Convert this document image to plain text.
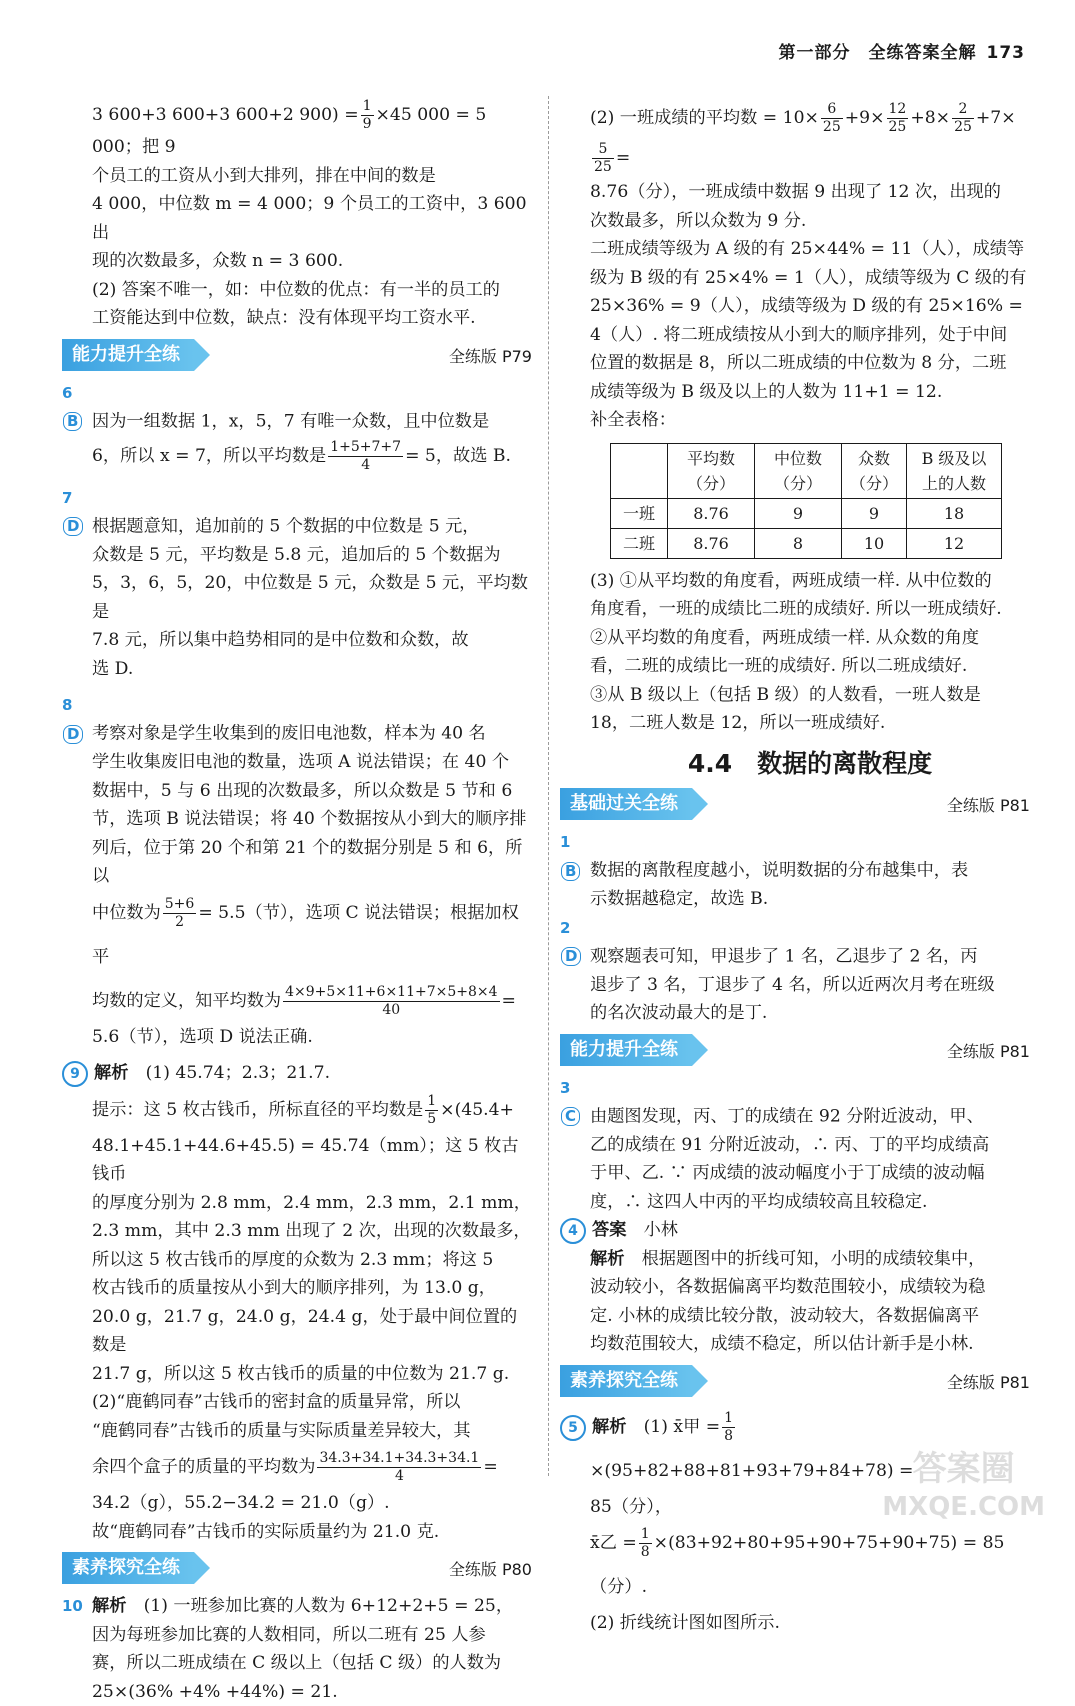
第一部分　全练答案全解 173

3 600+3 600+3 600+2 $900) = \frac{1}{9} \times 45$ 000 = 5 000；把 9

个员工的工资从小到大排列，排在中间的数是

4 000，中位数 m = 4 000；9 个员工的工资中，3 600 出

现的次数最多，众数 n = 3 600.

(2) 答案不唯一，如：中位数的优点：有一半的员工的

工资能达到中位数，缺点：没有体现平均工资水平.

能力提升全练	全练版 P79

$\frac{6}{B}$因为一组数据 1，x，5，7 有唯一众数，且中位数是

6，所以 x = 7，所以平均数是 $\frac{1+5+7+7}{4} = 5$，故选 B.

$\frac{7}{D}$根据题意知，追加前的 5 个数据的中位数是 5 元，

众数是 5 元，平均数是 5.8 元，追加后的 5 个数据为

5，3，6，5，20，中位数是 5 元，众数是 5 元，平均数是

7.8 元，所以集中趋势相同的是中位数和众数，故

选 D.

$\frac{8}{D}$考察对象是学生收集到的废旧电池数，样本为 40 名

学生收集废旧电池的数量，选项 A 说法错误；在 40 个

数据中，5 与 6 出现的次数最多，所以众数是 5 节和 6

节，选项 B 说法错误；将 40 个数据按从小到大的顺序排

列后，位于第 20 个和第 21 个的数据分别是 5 和 6，所以

中位数为 $\frac{5+6}{2} = 5.5$（节），选项 C 说法错误；根据加权平

均数的定义，知平均数为 $\frac{4\times 9+5\times 11+6\times 11+7\times 5+8\times 4}{40}$ =

5.6（节），选项 D 说法正确.

9 解析　 (1) 45.74；2.3；21.7.

提示：这 5 枚古钱币，所标直径的平均数是 $\frac{1}{5} \times(45.4+$

48.1+45.1+44.6+45.5) = 45.74（mm）；这 5 枚古钱币

的厚度分别为 2.8 mm，2.4 mm，2.3 mm，2.1 mm，

2.3 mm，其中 2.3 mm 出现了 2 次，出现的次数最多，

所以这 5 枚古钱币的厚度的众数为 2.3 mm；将这 5

枚古钱币的质量按从小到大的顺序排列，为 13.0 g，

20.0 g，21.7 g，24.0 g，24.4 g，处于最中间位置的数是

21.7 g，所以这 5 枚古钱币的质量的中位数为 21.7 g.

(2)“鹿鹤同春”古钱币的密封盒的质量异常，所以

“鹿鹤同春”古钱币的质量与实际质量差异较大，其

余四个盒子的质量的平均数为 $\frac{34.3+34.1+34.3+34.1}{4}$ =

34.2（g），55.2−34.2 = 21.0（g）.

故“鹿鹤同春”古钱币的实际质量约为 21.0 克.

素养探究全练	全练版 P80

10 解析　 (1) 一班参加比赛的人数为 6+12+2+5 = 25，

因为每班参加比赛的人数相同，所以二班有 25 人参

赛，所以二班成绩在 C 级以上（包括 C 级）的人数为

25×(36% +4% +44%) = 21.

(2) 一班成绩的平均数 = $10\times \frac{6}{25} +9\times \frac{12}{25} +8\times \frac{2}{25} +7\times$
$\frac{5}{25}$ =

8.76（分），一班成绩中数据 9 出现了 12 次，出现的

次数最多，所以众数为 9 分.

二班成绩等级为 A 级的有 25×44% = 11（人），成绩等

级为 B 级的有 25×4% = 1（人），成绩等级为 C 级的有

25×36% = 9（人），成绩等级为 D 级的有 25×16% =

4（人）. 将二班成绩按从小到大的顺序排列，处于中间

位置的数据是 8，所以二班成绩的中位数为 8 分，二班

成绩等级为 B 级及以上的人数为 11+1 = 12.

补全表格：

	平均数（分）	中位数（分）	众数（分）	B 级及以上的人数
一班	8.76	9	9	18
二班	8.76	8	10	12

(3) ①从平均数的角度看，两班成绩一样. 从中位数的

角度看，一班的成绩比二班的成绩好. 所以一班成绩好.

②从平均数的角度看，两班成绩一样. 从众数的角度

看，二班的成绩比一班的成绩好. 所以二班成绩好.

③从 B 级以上（包括 B 级）的人数看，一班人数是

18，二班人数是 12，所以一班成绩好.

4.4　数据的离散程度
基础过关全练	全练版 P81

$\frac{1}{B}$数据的离散程度越小，说明数据的分布越集中，表

示数据越稳定，故选 B.

$\frac{2}{D}$观察题表可知，甲退步了 1 名，乙退步了 2 名，丙

退步了 3 名，丁退步了 4 名，所以近两次月考在班级

的名次波动最大的是丁.

能力提升全练	全练版 P81

$\frac{3}{C}$由题图发现，丙、丁的成绩在 92 分附近波动，甲、

乙的成绩在 91 分附近波动，∴ 丙、丁的平均成绩高

于甲、乙. ∵ 丙成绩的波动幅度小于丁成绩的波动幅

度，∴ 这四人中丙的平均成绩较高且较稳定.

4 答案　 小林

解析　 根据题图中的折线可知，小明的成绩较集中，

波动较小，各数据偏离平均数范围较小，成绩较为稳

定. 小林的成绩比较分散，波动较大，各数据偏离平

均数范围较大，成绩不稳定，所以估计新手是小林.

素养探究全练	全练版 P81

5 解析　 (1) x̄甲 = $\frac{1}{8}$
×(95+82+88+81+93+79+84+78) =

85（分），

x̄乙 = $\frac{1}{8} \times(83+92+80+95+90+75+90+75) = 85$（分）.

(2) 折线统计图如图所示.

答案圈
MXQE.COM
